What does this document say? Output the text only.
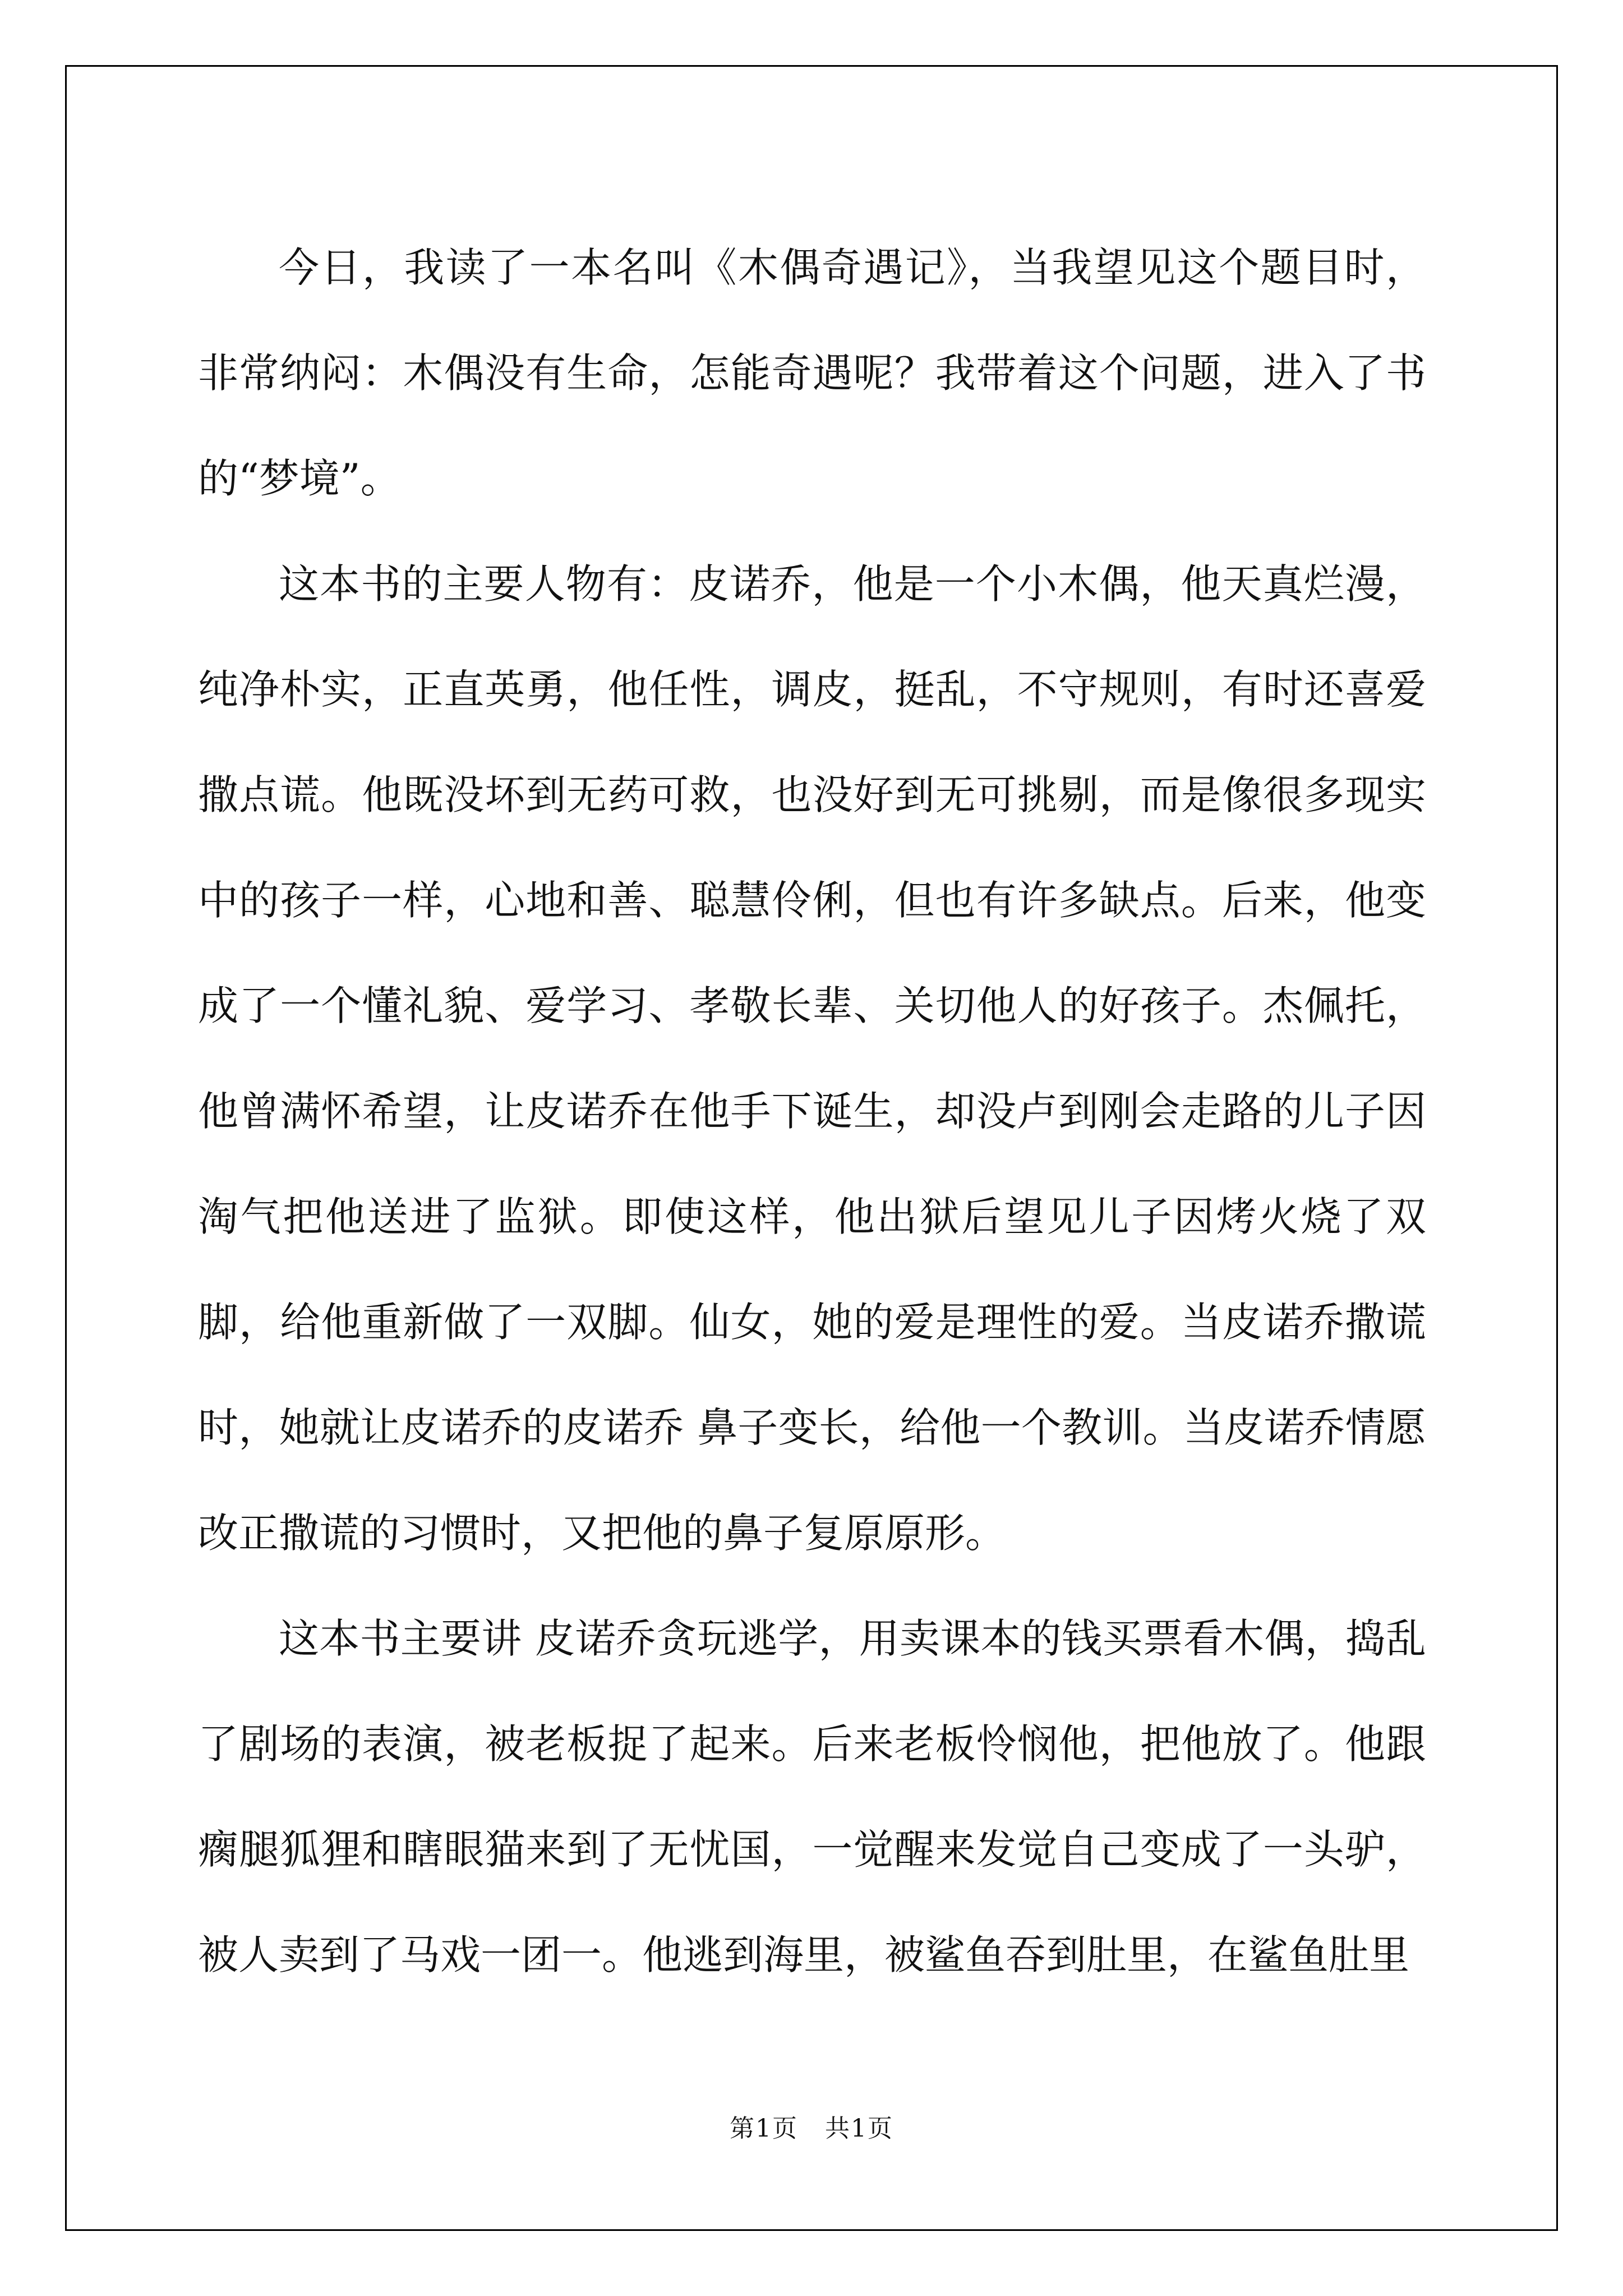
今日，我读了一本名叫《木偶奇遇记》，当我望见这个题目时，非常纳闷：木偶没有生命，怎能奇遇呢？我带着这个问题，进入了书的“梦境”。

这本书的主要人物有：皮诺乔，他是一个小木偶，他天真烂漫，纯净朴实，正直英勇，他任性，调皮，挺乱，不守规则，有时还喜爱撒点谎。他既没坏到无药可救，也没好到无可挑剔，而是像很多现实中的孩子一样，心地和善、聪慧伶俐，但也有许多缺点。后来，他变成了一个懂礼貌、爱学习、孝敬长辈、关切他人的好孩子。杰佩托，他曾满怀希望，让皮诺乔在他手下诞生，却没卢到刚会走路的儿子因淘气把他送进了监狱。即使这样，他出狱后望见儿子因烤火烧了双脚，给他重新做了一双脚。仙女，她的爱是理性的爱。当皮诺乔撒谎时，她就让皮诺乔的皮诺乔 鼻子变长，给他一个教训。当皮诺乔情愿改正撒谎的习惯时，又把他的鼻子复原原形。

这本书主要讲 皮诺乔贪玩逃学，用卖课本的钱买票看木偶，捣乱了剧场的表演，被老板捉了起来。后来老板怜悯他，把他放了。他跟瘸腿狐狸和瞎眼猫来到了无忧国，一觉醒来发觉自己变成了一头驴，被人卖到了马戏一团一。他逃到海里，被鲨鱼吞到肚里，在鲨鱼肚里

第1页   共1页
